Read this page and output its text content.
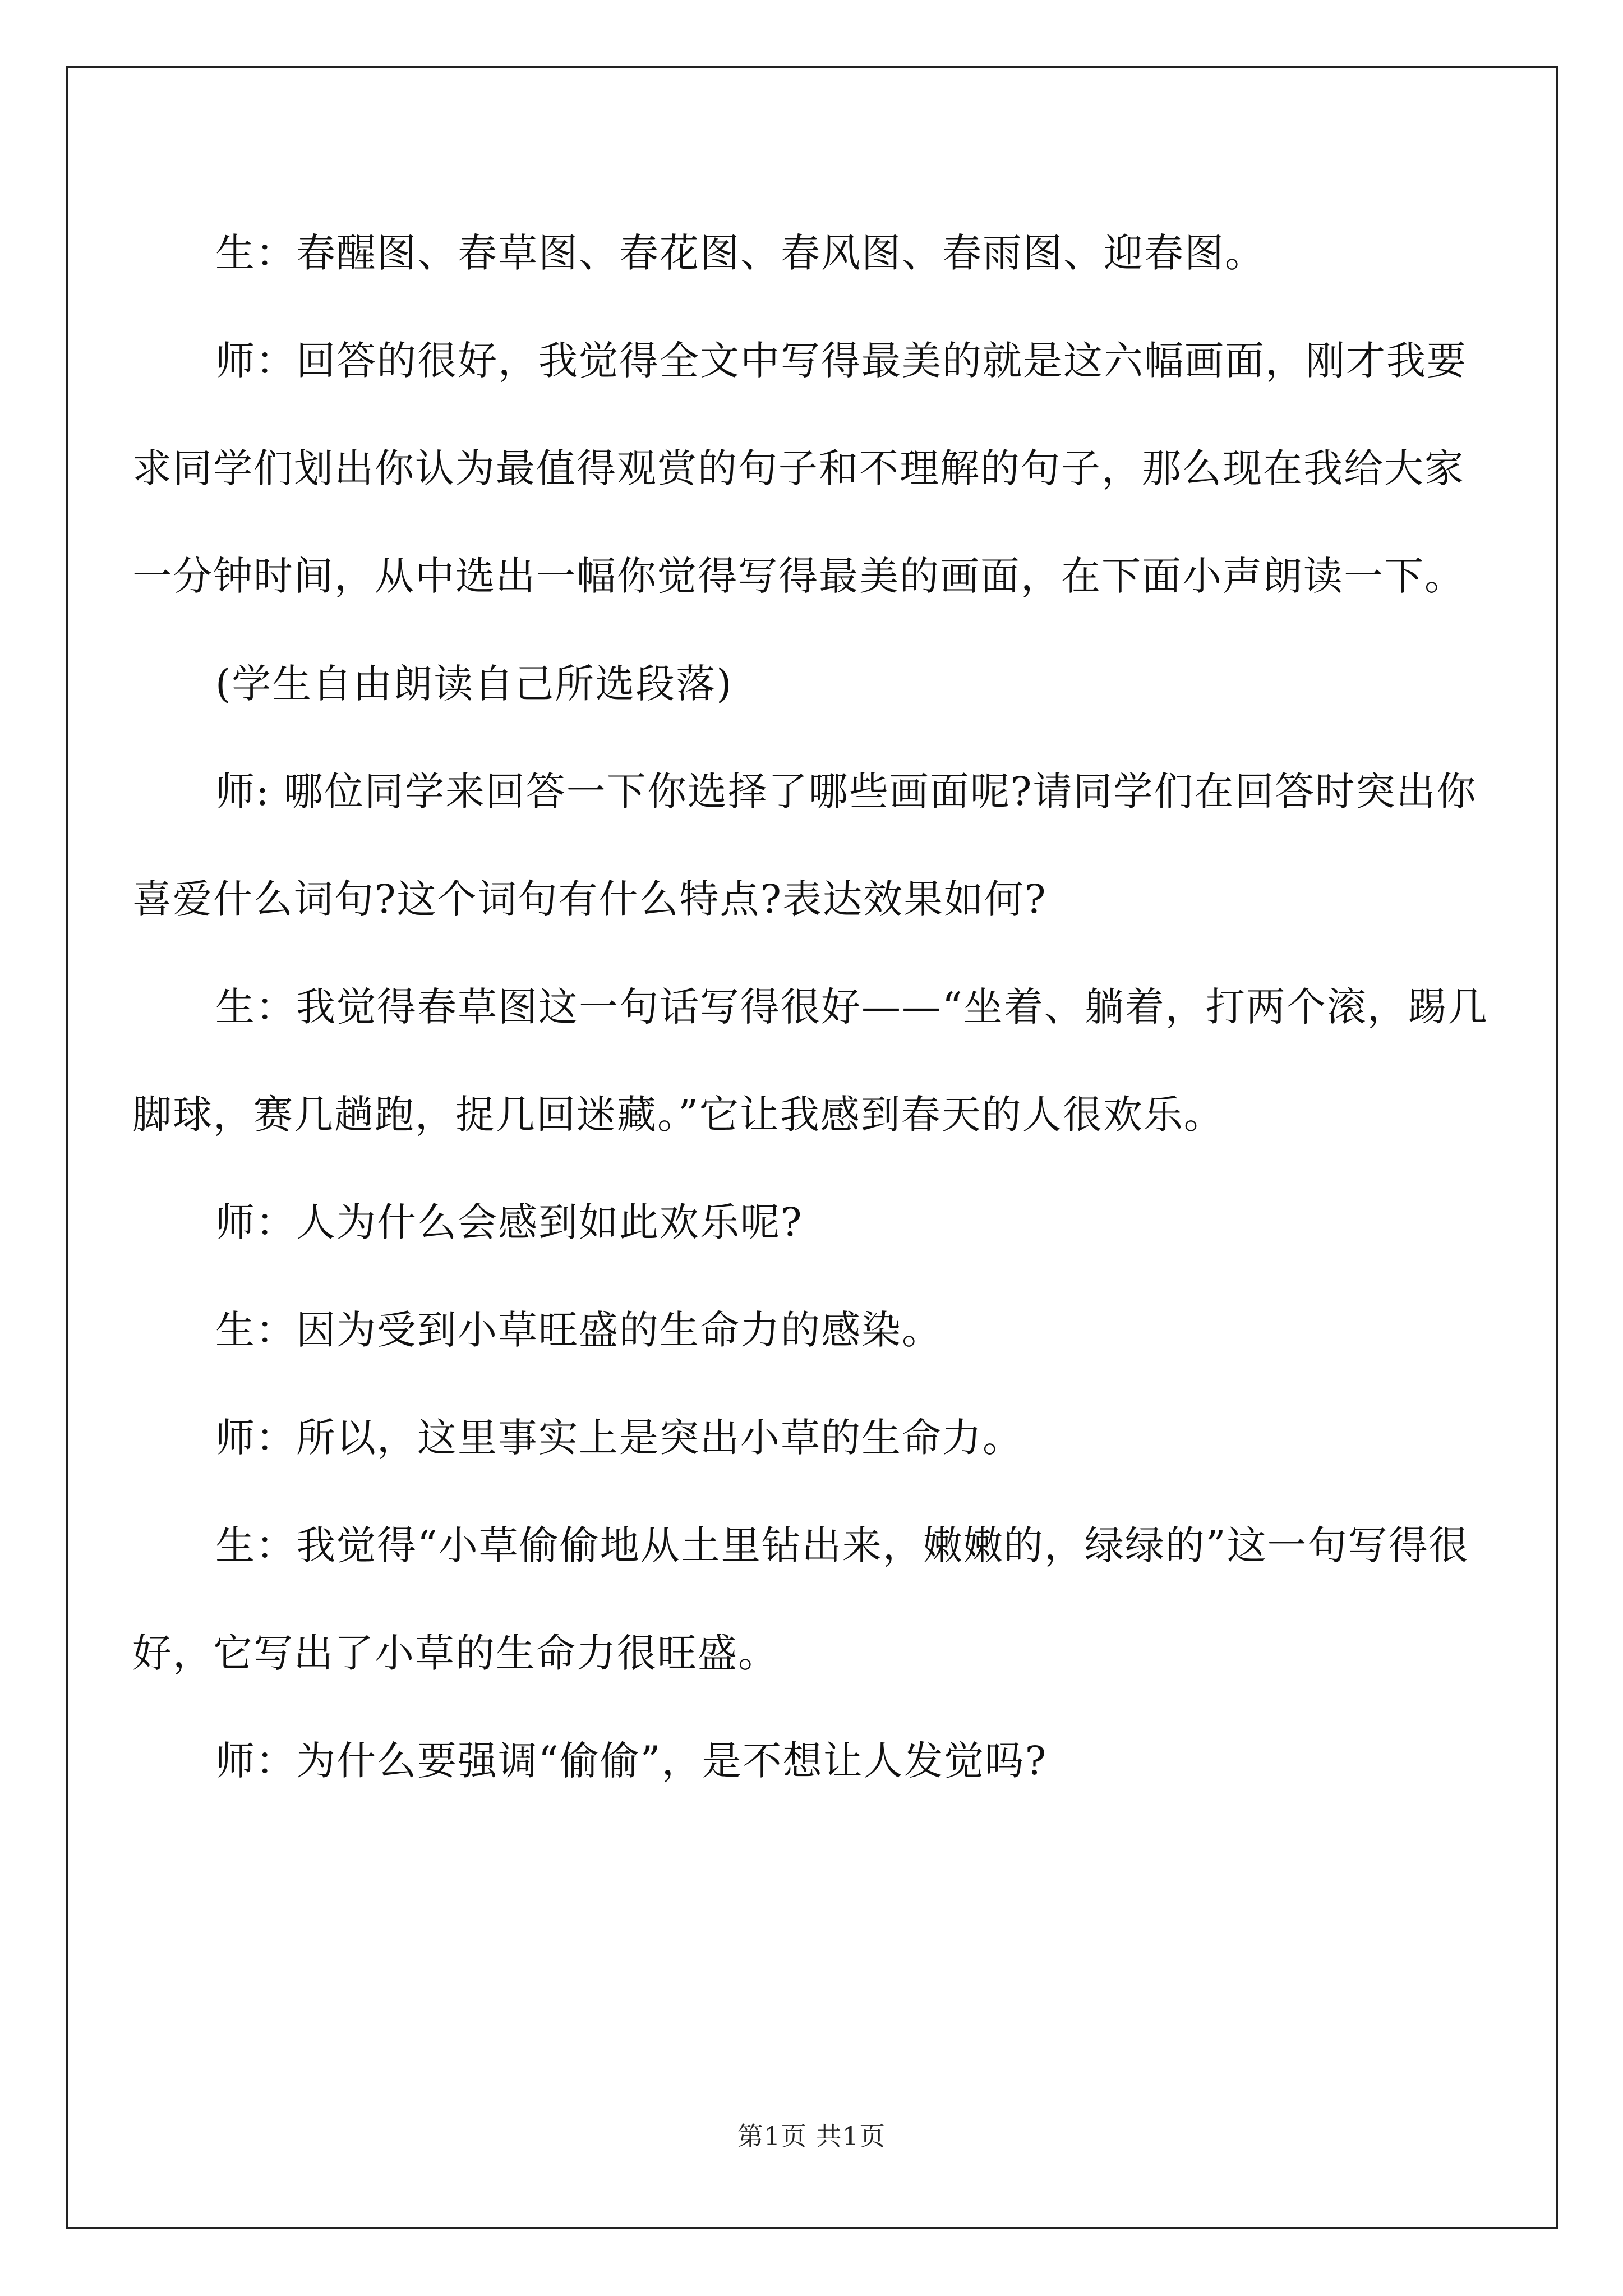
生：春醒图、春草图、春花图、春风图、春雨图、迎春图。

师：回答的很好，我觉得全文中写得最美的就是这六幅画面，刚才我要求同学们划出你认为最值得观赏的句子和不理解的句子，那么现在我给大家一分钟时间，从中选出一幅你觉得写得最美的画面，在下面小声朗读一下。

(学生自由朗读自己所选段落)

师: 哪位同学来回答一下你选择了哪些画面呢?请同学们在回答时突出你喜爱什么词句?这个词句有什么特点?表达效果如何?

生：我觉得春草图这一句话写得很好——“坐着、躺着，打两个滚，踢几脚球，赛几趟跑，捉几回迷藏。”它让我感到春天的人很欢乐。

师：人为什么会感到如此欢乐呢?

生：因为受到小草旺盛的生命力的感染。

师：所以，这里事实上是突出小草的生命力。

生：我觉得“小草偷偷地从土里钻出来，嫩嫩的，绿绿的”这一句写得很好，它写出了小草的生命力很旺盛。

师：为什么要强调“偷偷”，是不想让人发觉吗?

第1页 共1页
